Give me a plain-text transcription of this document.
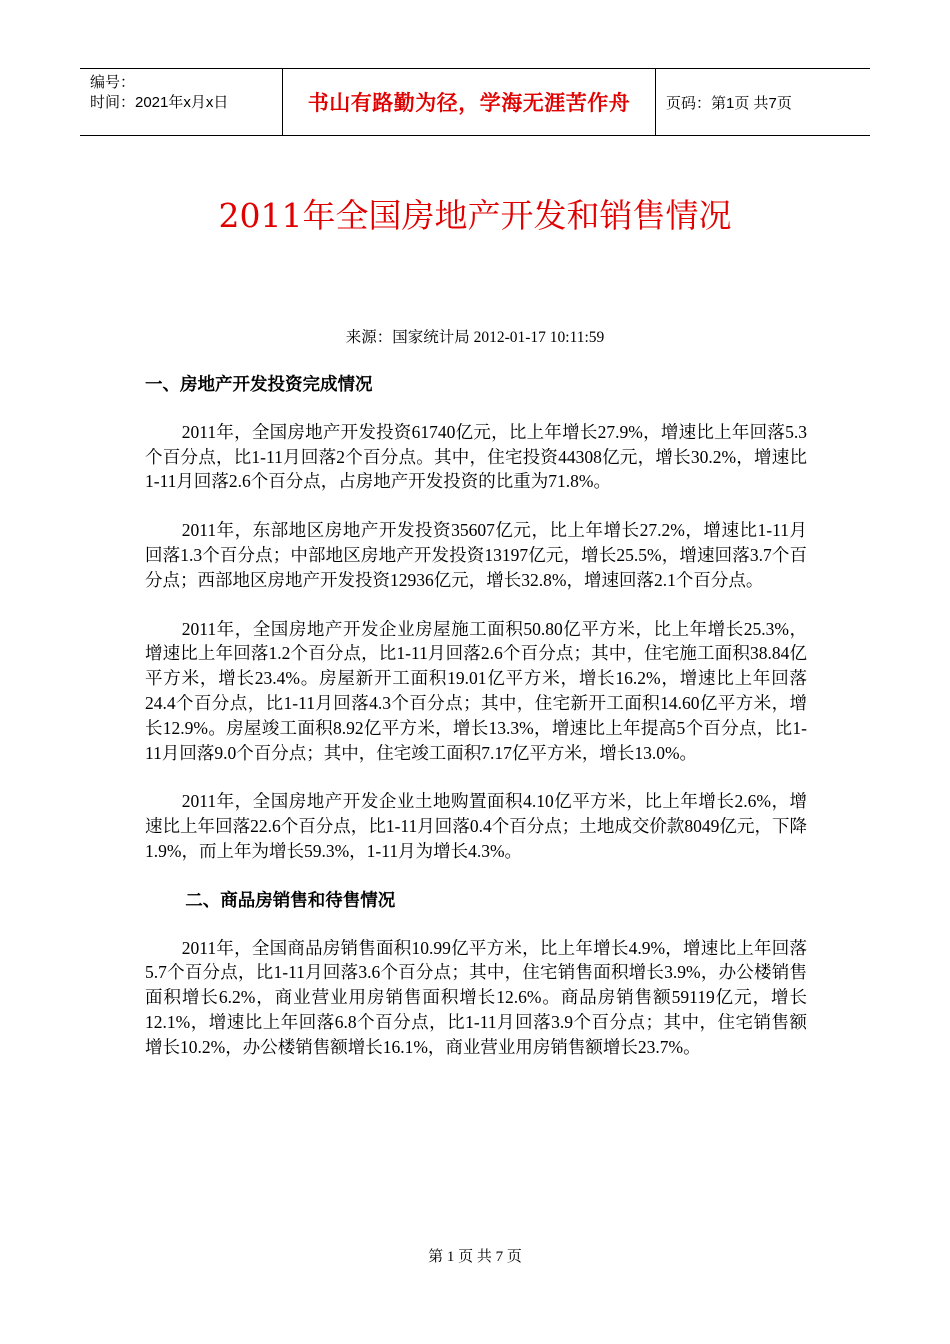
编号：
时间：2021年x月x日	书山有路勤为径，学海无涯苦作舟	页码：第1页 共7页
2011年全国房地产开发和销售情况
来源：国家统计局 2012-01-17 10:11:59

一、房地产开发投资完成情况

2011年，全国房地产开发投资61740亿元，比上年增长27.9%，增速比上年回落5.3个百分点，比1-11月回落2个百分点。其中，住宅投资44308亿元，增长30.2%，增速比1-11月回落2.6个百分点，占房地产开发投资的比重为71.8%。

2011年，东部地区房地产开发投资35607亿元，比上年增长27.2%，增速比1-11月回落1.3个百分点；中部地区房地产开发投资13197亿元，增长25.5%，增速回落3.7个百分点；西部地区房地产开发投资12936亿元，增长32.8%，增速回落2.1个百分点。

2011年，全国房地产开发企业房屋施工面积50.80亿平方米，比上年增长25.3%，增速比上年回落1.2个百分点，比1-11月回落2.6个百分点；其中，住宅施工面积38.84亿平方米，增长23.4%。房屋新开工面积19.01亿平方米，增长16.2%，增速比上年回落24.4个百分点，比1-11月回落4.3个百分点；其中，住宅新开工面积14.60亿平方米，增长12.9%。房屋竣工面积8.92亿平方米，增长13.3%，增速比上年提高5个百分点，比1-11月回落9.0个百分点；其中，住宅竣工面积7.17亿平方米，增长13.0%。

2011年，全国房地产开发企业土地购置面积4.10亿平方米，比上年增长2.6%，增速比上年回落22.6个百分点，比1-11月回落0.4个百分点；土地成交价款8049亿元，下降1.9%，而上年为增长59.3%，1-11月为增长4.3%。

二、商品房销售和待售情况

2011年，全国商品房销售面积10.99亿平方米，比上年增长4.9%，增速比上年回落5.7个百分点，比1-11月回落3.6个百分点；其中，住宅销售面积增长3.9%，办公楼销售面积增长6.2%，商业营业用房销售面积增长12.6%。商品房销售额59119亿元，增长12.1%，增速比上年回落6.8个百分点，比1-11月回落3.9个百分点；其中，住宅销售额增长10.2%，办公楼销售额增长16.1%，商业营业用房销售额增长23.7%。

第 1 页 共 7 页
